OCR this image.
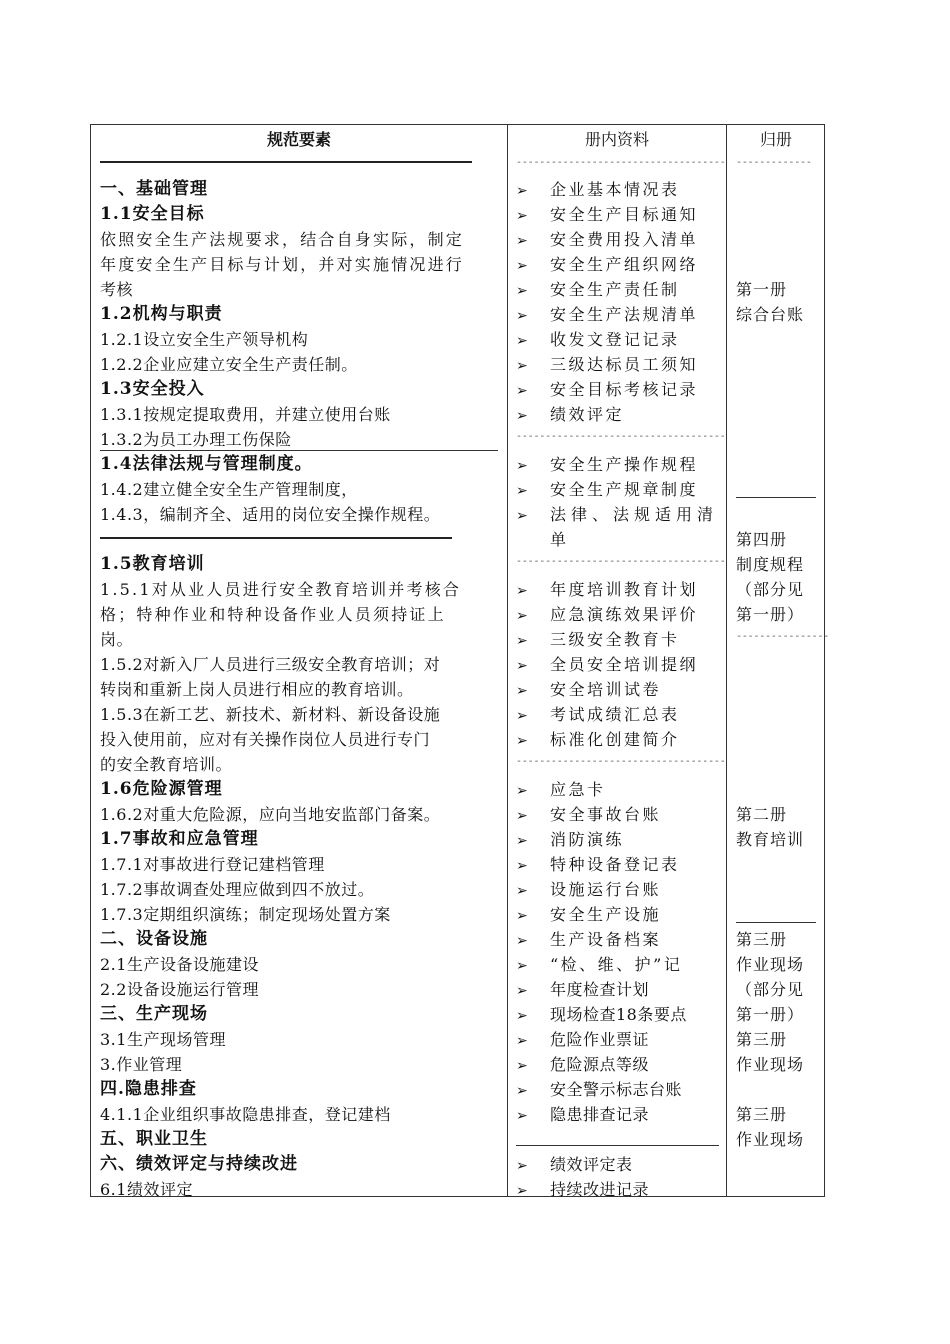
规范要素
一、基础管理
1.1安全目标
依照安全生产法规要求，结合自身实际，制定
年度安全生产目标与计划，并对实施情况进行
考核
1.2机构与职责
1.2.1设立安全生产领导机构
1.2.2企业应建立安全生产责任制。
1.3安全投入
1.3.1按规定提取费用，并建立使用台账
1.3.2为员工办理工伤保险
1.4法律法规与管理制度。
1.4.2建立健全安全生产管理制度，
1.4.3，编制齐全、适用的岗位安全操作规程。
1.5教育培训
1.5.1对从业人员进行安全教育培训并考核合
格；特种作业和特种设备作业人员须持证上
岗。
1.5.2对新入厂人员进行三级安全教育培训；对
转岗和重新上岗人员进行相应的教育培训。
1.5.3在新工艺、新技术、新材料、新设备设施
投入使用前，应对有关操作岗位人员进行专门
的安全教育培训。
1.6危险源管理
1.6.2对重大危险源，应向当地安监部门备案。
1.7事故和应急管理
1.7.1对事故进行登记建档管理
1.7.2事故调查处理应做到四不放过。
1.7.3定期组织演练；制定现场处置方案
二、设备设施
2.1生产设备设施建设
2.2设备设施运行管理
三、生产现场
3.1生产现场管理
3.作业管理
四.隐患排查
4.1.1企业组织事故隐患排查，登记建档
五、职业卫生
六、绩效评定与持续改进
6.1绩效评定
册内资料
------------------------------------
------------------------------------
------------------------------------
------------------------------------
➢ 企业基本情况表
➢ 安全生产目标通知
➢ 安全费用投入清单
➢ 安全生产组织网络
➢ 安全生产责任制
➢ 安全生产法规清单
➢ 收发文登记记录
➢ 三级达标员工须知
➢ 安全目标考核记录
➢ 绩效评定
➢ 安全生产操作规程
➢ 安全生产规章制度
➢ 法律、法规适用清
单
➢ 年度培训教育计划
➢ 应急演练效果评价
➢ 三级安全教育卡
➢ 全员安全培训提纲
➢ 安全培训试卷
➢ 考试成绩汇总表
➢ 标准化创建简介
➢ 应急卡
➢ 安全事故台账
➢ 消防演练
➢ 特种设备登记表
➢ 设施运行台账
➢ 安全生产设施
➢ 生产设备档案
➢ “检、维、护”记
➢ 年度检查计划
➢ 现场检查18条要点
➢ 危险作业票证
➢ 危险源点等级
➢ 安全警示标志台账
➢ 隐患排查记录
➢ 绩效评定表
➢ 持续改进记录
归册
-------------
----------------
第一册
综合台账
第四册
制度规程
（部分见
第一册）
第二册
教育培训
第三册
作业现场
（部分见
第一册）
第三册
作业现场
第三册
作业现场
